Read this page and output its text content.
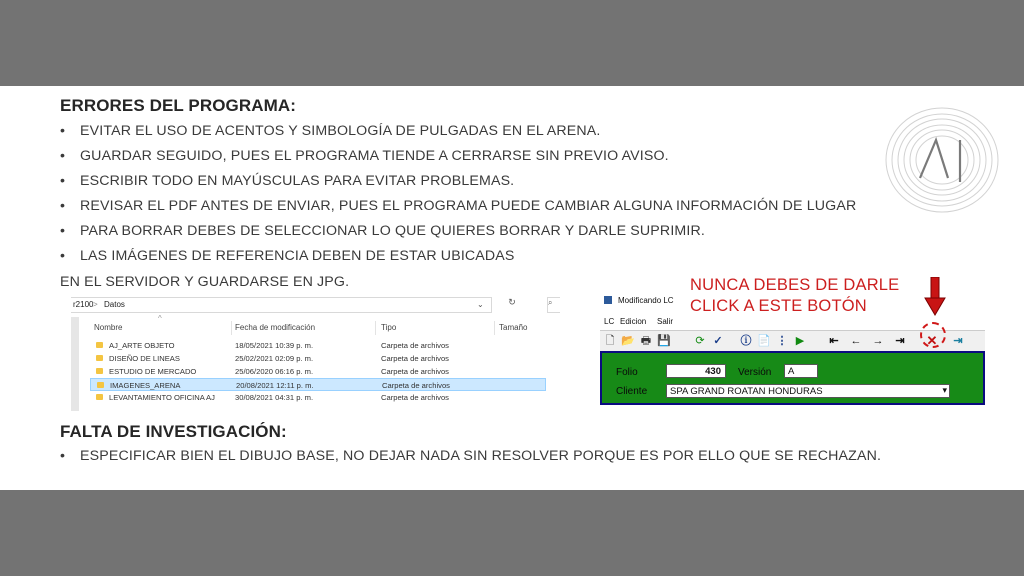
ERRORES DEL PROGRAMA:
• EVITAR EL USO DE ACENTOS Y SIMBOLOGÍA DE PULGADAS EN EL ARENA.
• GUARDAR SEGUIDO, PUES EL PROGRAMA TIENDE A CERRARSE SIN PREVIO AVISO.
• ESCRIBIR TODO EN MAYÚSCULAS PARA EVITAR PROBLEMAS.
• REVISAR EL PDF ANTES DE ENVIAR, PUES EL PROGRAMA PUEDE CAMBIAR ALGUNA INFORMACIÓN DE LUGAR
• PARA BORRAR DEBES DE SELECCIONAR LO QUE QUIERES BORRAR Y DARLE SUPRIMIR.
• LAS IMÁGENES DE REFERENCIA DEBEN DE ESTAR UBICADAS
EN EL SERVIDOR Y GUARDARSE EN JPG.
r2100 > Datos	⌄	↻	⌕
^
Nombre	Fecha de modificación	Tipo	Tamaño
AJ_ARTE OBJETO	18/05/2021 10:39 p. m.	Carpeta de archivos
DISEÑO DE LINEAS	25/02/2021 02:09 p. m.	Carpeta de archivos
ESTUDIO DE MERCADO	25/06/2020 06:16 p. m.	Carpeta de archivos
IMAGENES_ARENA	20/08/2021 12:11 p. m.	Carpeta de archivos
LEVANTAMIENTO OFICINA AJ	30/08/2021 04:31 p. m.	Carpeta de archivos
NUNCA DEBES DE DARLE
CLICK A ESTE BOTÓN
Modificando LC
LC Edicion Salir
🗋 📂 🖶 💾	⟳ ✓	ⓘ 📄 ⋮ ▶	⇤	← →	⇥ ✕	⇥
Folio	430 Versión A
Cliente SPA GRAND ROATAN HONDURAS	▾
FALTA DE INVESTIGACIÓN:
• ESPECIFICAR BIEN EL DIBUJO BASE, NO DEJAR NADA SIN RESOLVER PORQUE ES POR ELLO QUE SE RECHAZAN.
